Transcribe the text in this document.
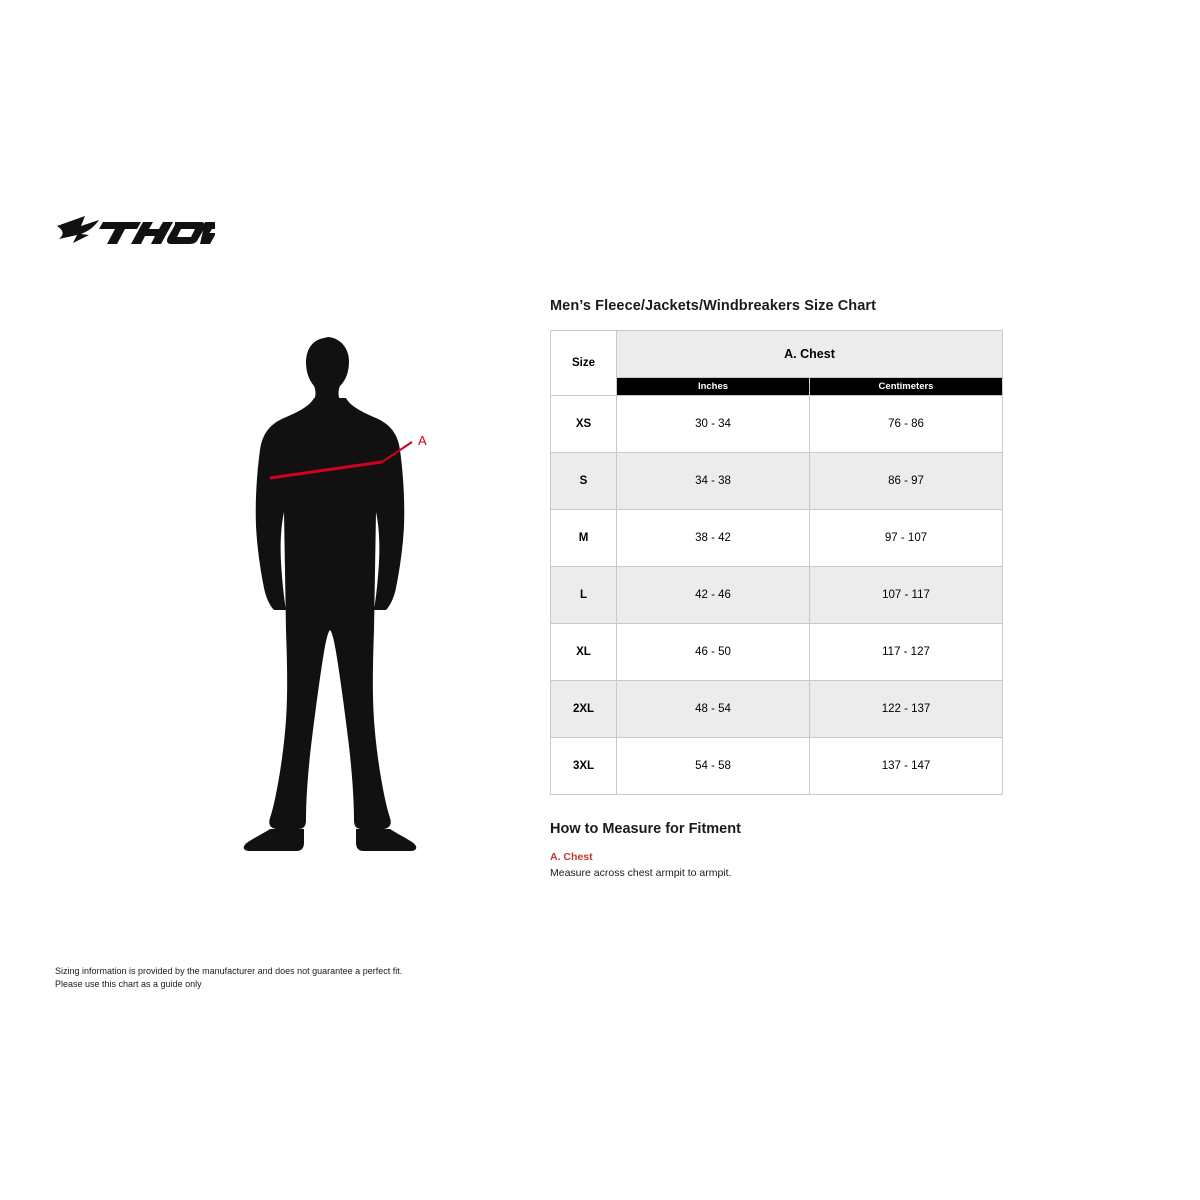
A
Men’s Fleece/Jackets/Windbreakers Size Chart
Size	A. Chest	
	Inches	Centimeters
XS	30 - 34	76 - 86
S	34 - 38	86 - 97
M	38 - 42	97 - 107
L	42 - 46	107 - 117
XL	46 - 50	117 - 127
2XL	48 - 54	122 - 137
3XL	54 - 58	137 - 147
How to Measure for Fitment

A. Chest

Measure across chest armpit to armpit.

Sizing information is provided by the manufacturer and does not guarantee a perfect fit.
Please use this chart as a guide only
